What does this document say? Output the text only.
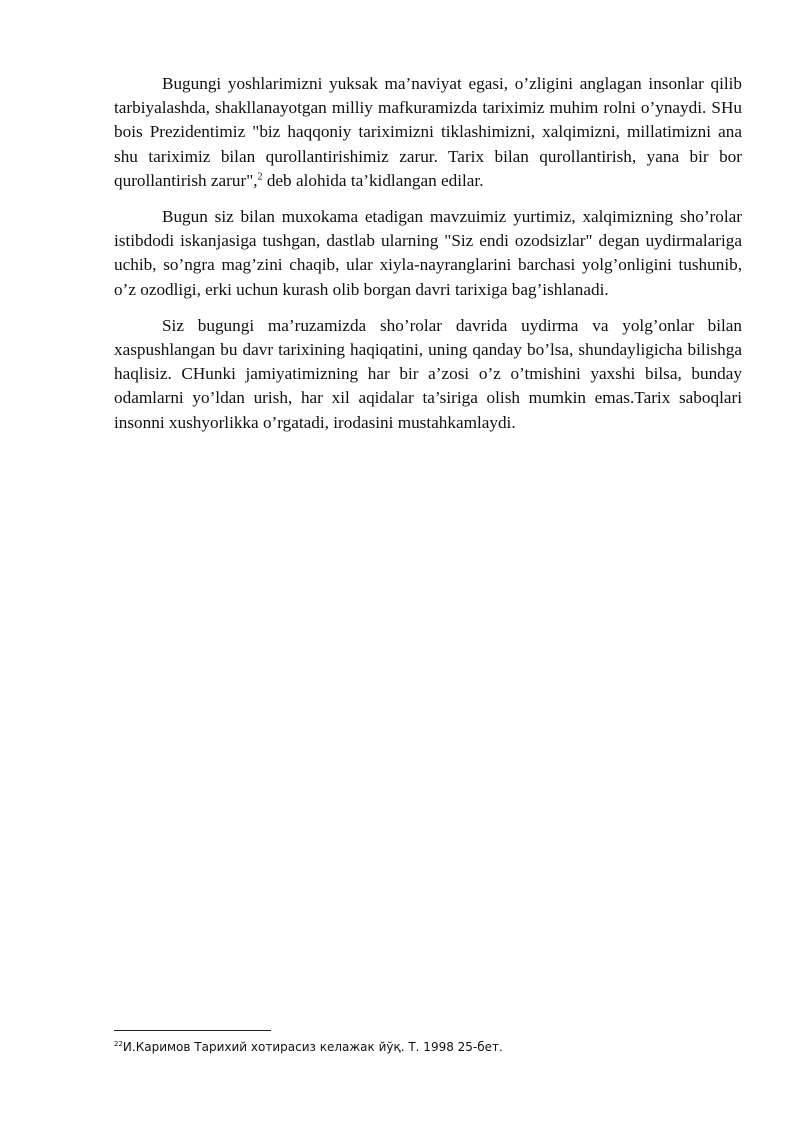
Bugungi yoshlarimizni yuksak ma’naviyat egasi, o’zligini anglagan insonlar qilib tarbiyalashda, shakllanayotgan milliy mafkuramizda tariximiz muhim rolni o’ynaydi. SHu bois Prezidentimiz "biz haqqoniy tariximizni tiklashimizni, xalqimizni, millatimizni ana shu tariximiz bilan qurollantirishimiz zarur. Tarix bilan qurollantirish, yana bir bor qurollantirish zarur",$^2$ deb alohida ta’kidlangan edilar.

Bugun siz bilan muxokama etadigan mavzuimiz yurtimiz, xalqimizning sho’rolar istibdodi iskanjasiga tushgan, dastlab ularning "Siz endi ozodsizlar" degan uydirmalariga uchib, so’ngra mag’zini chaqib, ular xiyla-nayranglarini barchasi yolg’onligini tushunib, o’z ozodligi, erki uchun kurash olib borgan davri tarixiga bag’ishlanadi.

Siz bugungi ma’ruzamizda sho’rolar davrida uydirma va yolg’onlar bilan xaspushlangan bu davr tarixining haqiqatini, uning qanday bo’lsa, shundayligicha bilishga haqlisiz. CHunki jamiyatimizning har bir a’zosi o’z o’tmishini yaxshi bilsa, bunday odamlarni yo’ldan urish, har xil aqidalar ta’siriga olish mumkin emas.Tarix saboqlari insonni xushyorlikka o’rgatadi, irodasini mustahkamlaydi.

$^{22}$И.Каримов Тарихий хотирасиз келажак йўқ. Т. 1998 25-бет.
